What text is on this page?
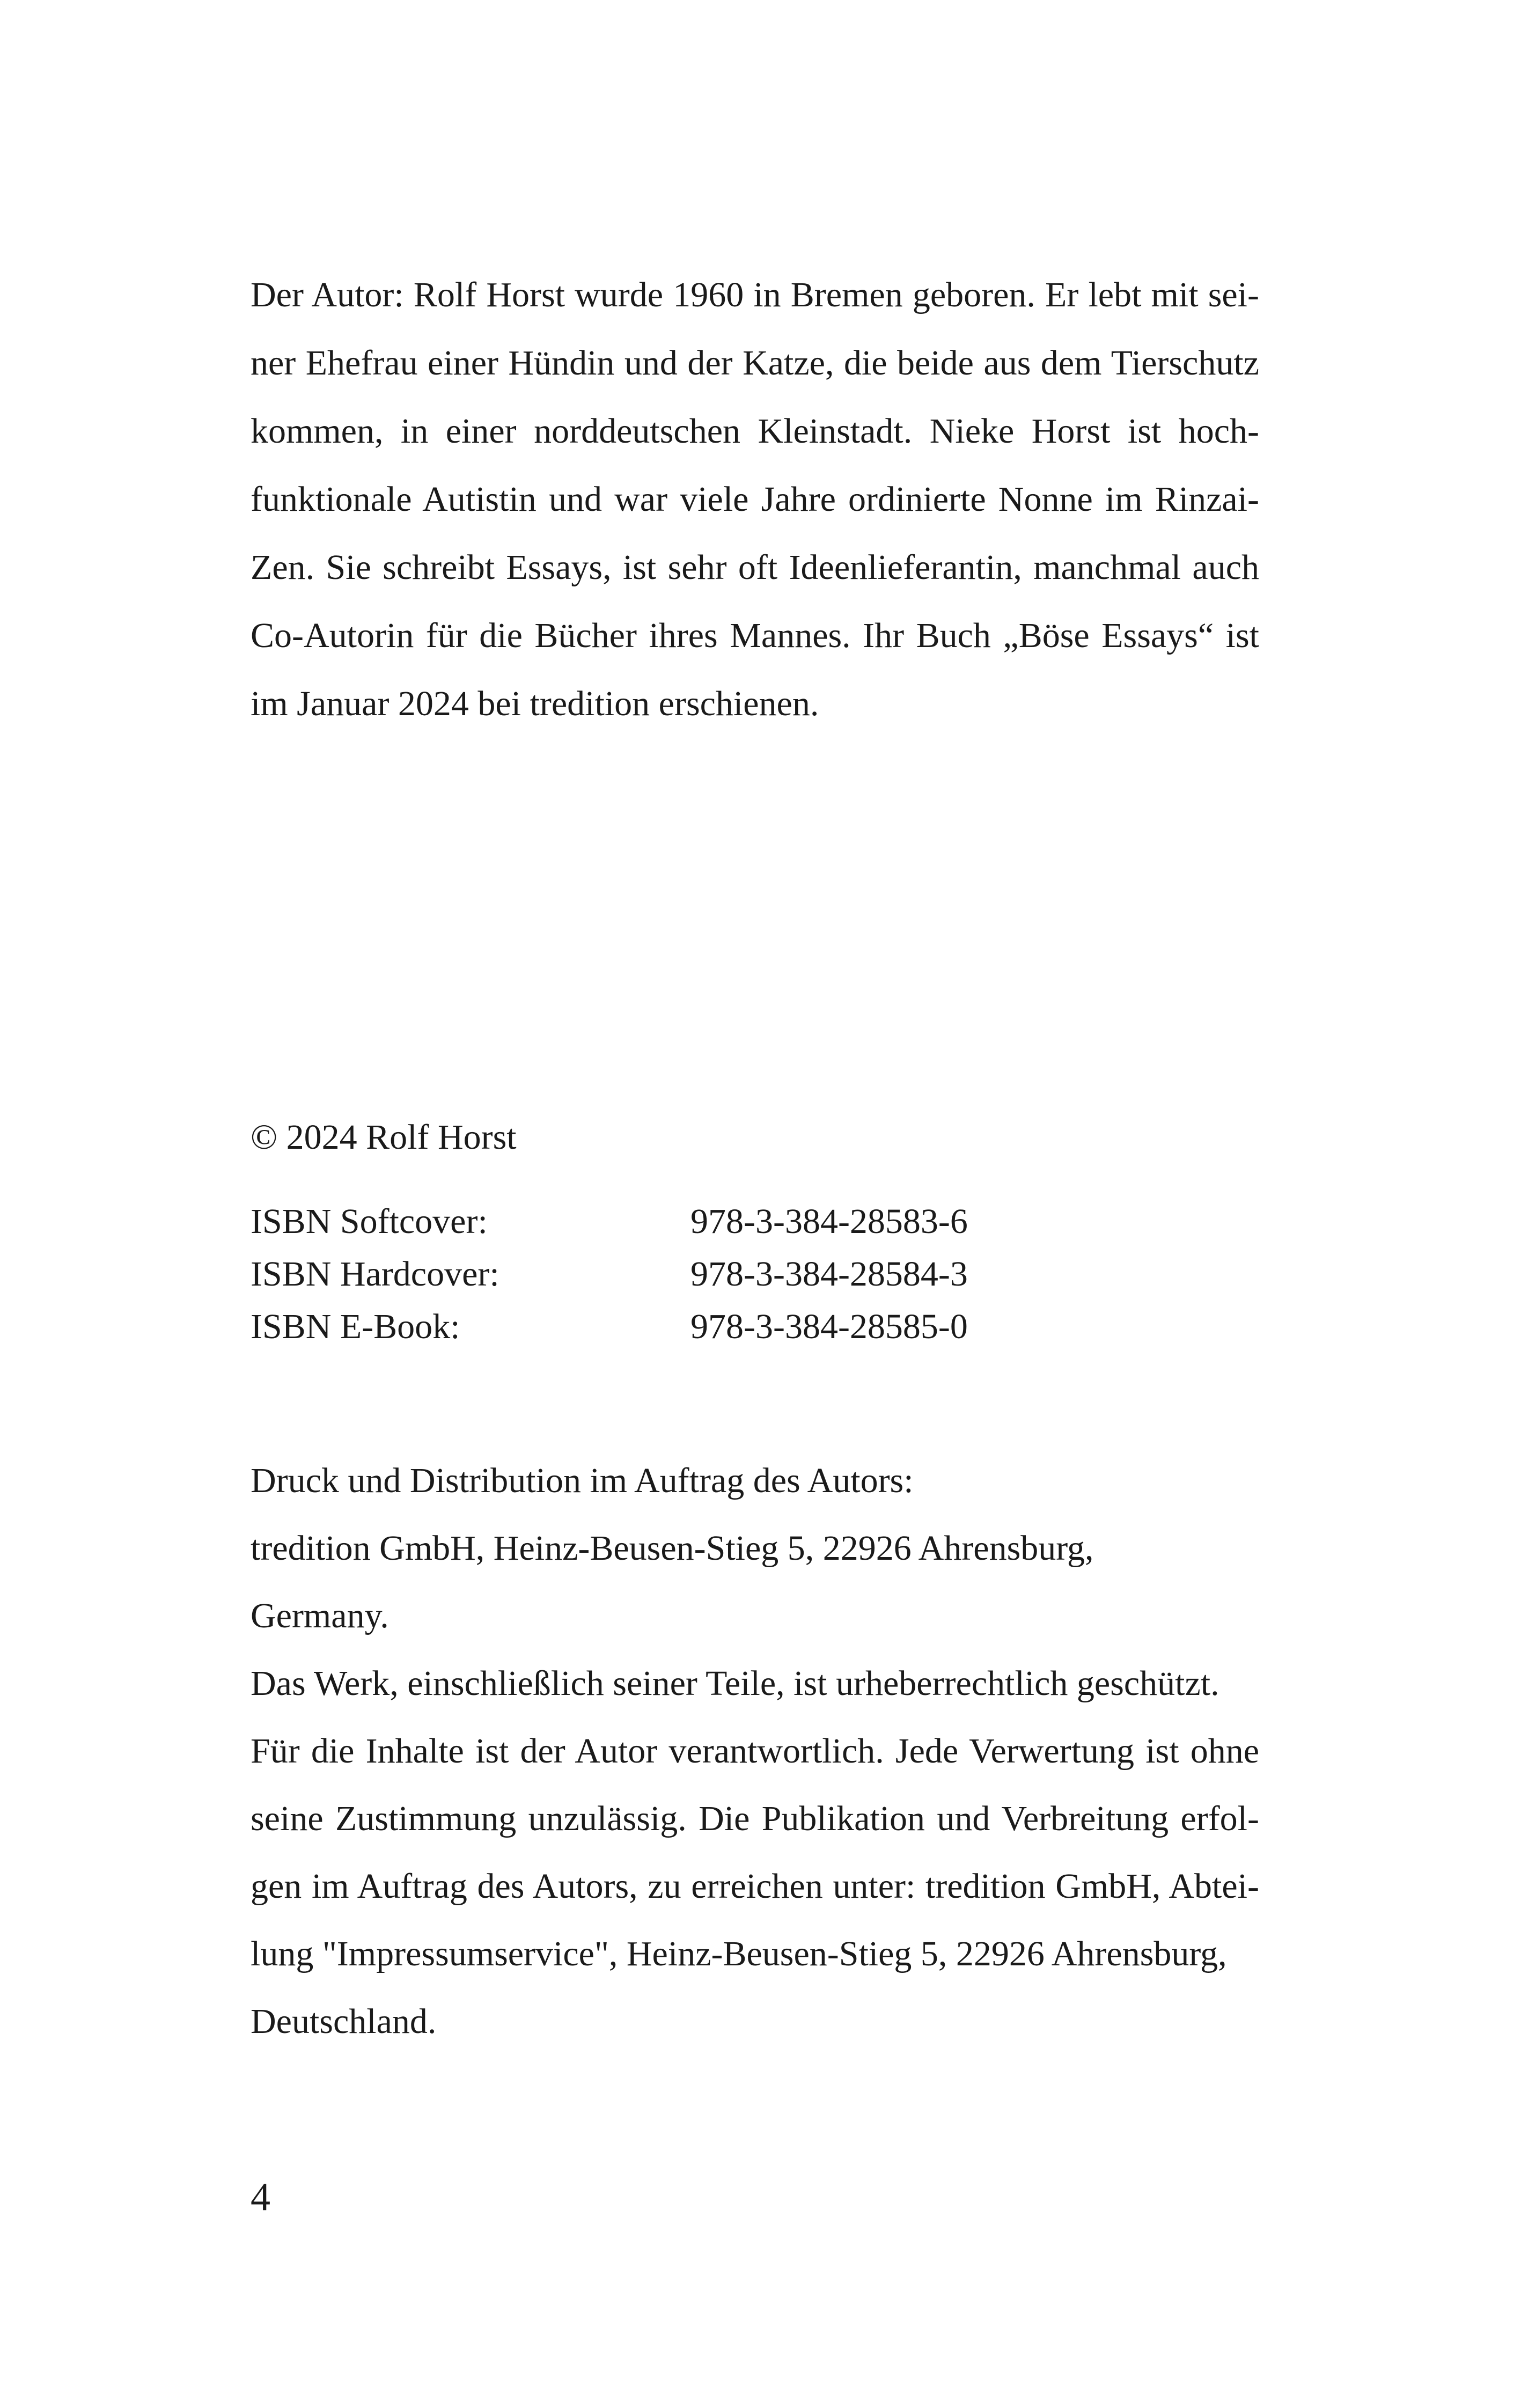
Der Autor: Rolf Horst wurde 1960 in Bremen geboren. Er lebt mit sei-
ner Ehefrau einer Hündin und der Katze, die beide aus dem Tierschutz
kommen, in einer norddeutschen Kleinstadt. Nieke Horst ist hoch-
funktionale Autistin und war viele Jahre ordinierte Nonne im Rinzai-
Zen. Sie schreibt Essays, ist sehr oft Ideenlieferantin, manchmal auch
Co-Autorin für die Bücher ihres Mannes. Ihr Buch „Böse Essays“ ist
im Januar 2024 bei tredition erschienen.
© 2024 Rolf Horst
ISBN Softcover:	978-3-384-28583-6
ISBN Hardcover:	978-3-384-28584-3
ISBN E-Book:	978-3-384-28585-0
Druck und Distribution im Auftrag des Autors:
tredition GmbH, Heinz-Beusen-Stieg 5, 22926 Ahrensburg,
Germany.
Das Werk, einschließlich seiner Teile, ist urheberrechtlich geschützt.
Für die Inhalte ist der Autor verantwortlich. Jede Verwertung ist ohne
seine Zustimmung unzulässig. Die Publikation und Verbreitung erfol-
gen im Auftrag des Autors, zu erreichen unter: tredition GmbH, Abtei-
lung "Impressumservice", Heinz-Beusen-Stieg 5, 22926 Ahrensburg,
Deutschland.
4
